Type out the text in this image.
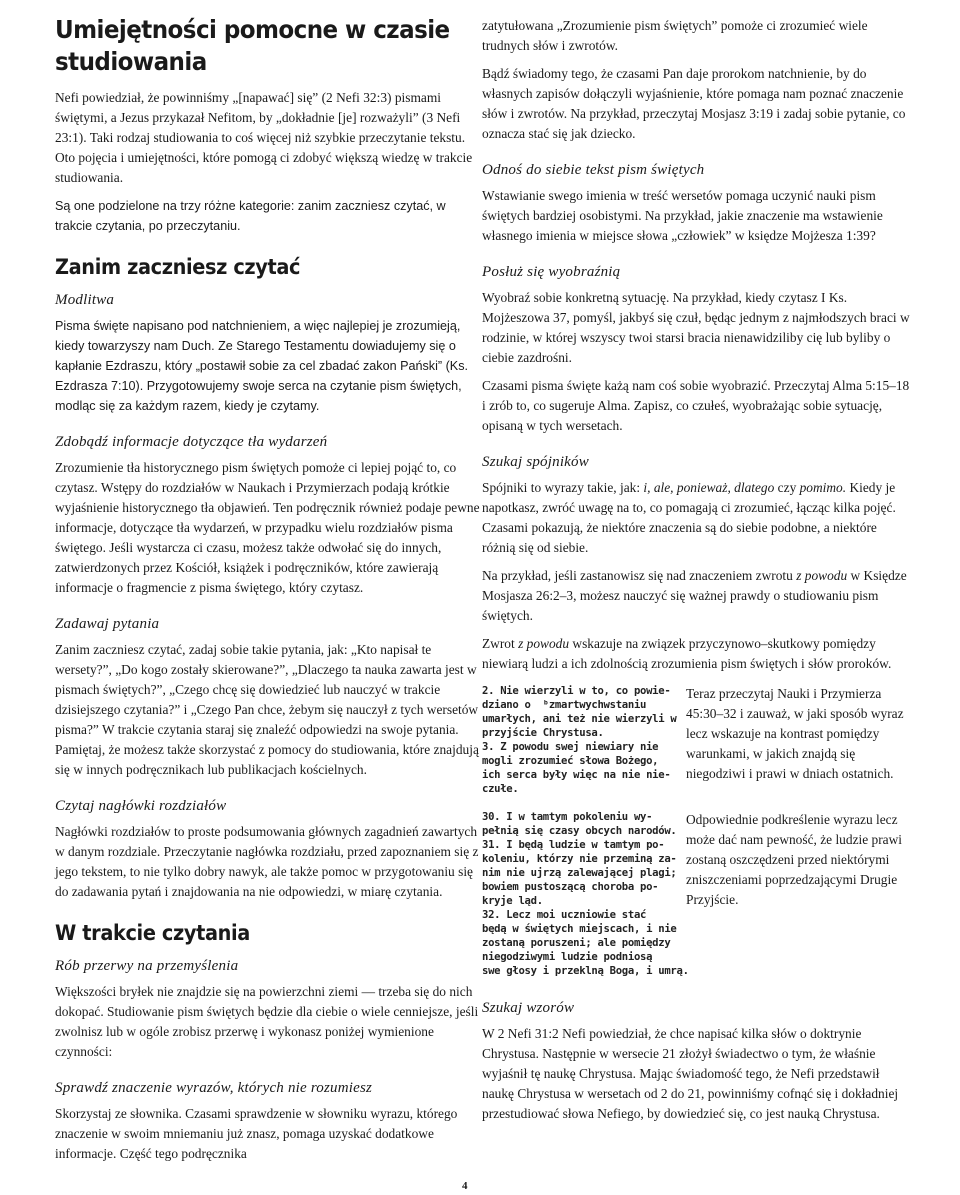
Umiejętności pomocne w czasie studiowania

Nefi powiedział, że powinniśmy „[napawać] się” (2 Nefi 32:3) pismami świętymi, a Jezus przykazał Nefitom, by „dokładnie [je] rozważyli” (3 Nefi 23:1). Taki rodzaj studiowania to coś więcej niż szybkie przeczytanie tekstu. Oto pojęcia i umiejętności, które pomogą ci zdobyć większą wiedzę w trakcie studiowania.

Są one podzielone na trzy różne kategorie: zanim zaczniesz czytać, w trakcie czytania, po przeczytaniu.

Zanim zaczniesz czytać
Modlitwa

Pisma święte napisano pod natchnieniem, a więc najlepiej je zrozumieją, kiedy towarzyszy nam Duch. Ze Starego Testamentu dowiadujemy się o kapłanie Ezdraszu, który „postawił sobie za cel zbadać zakon Pański” (Ks. Ezdrasza 7:10). Przygotowujemy swoje serca na czytanie pism świętych, modląc się za każdym razem, kiedy je czytamy.

Zdobądź informacje dotyczące tła wydarzeń

Zrozumienie tła historycznego pism świętych pomoże ci lepiej pojąć to, co czytasz. Wstępy do rozdziałów w Naukach i Przymierzach podają krótkie wyjaśnienie historycznego tła objawień. Ten podręcznik również podaje pewne informacje, dotyczące tła wydarzeń, w przypadku wielu rozdziałów pisma świętego. Jeśli wystarcza ci czasu, możesz także odwołać się do innych, zatwierdzonych przez Kościół, książek i podręczników, które zawierają informacje o fragmencie z pisma świętego, który czytasz.

Zadawaj pytania

Zanim zaczniesz czytać, zadaj sobie takie pytania, jak: „Kto napisał te wersety?”, „Do kogo zostały skierowane?”, „Dlaczego ta nauka zawarta jest w pismach świętych?”, „Czego chcę się dowiedzieć lub nauczyć w trakcie dzisiejszego czytania?” i „Czego Pan chce, żebym się nauczył z tych wersetów pisma?” W trakcie czytania staraj się znaleźć odpowiedzi na swoje pytania. Pamiętaj, że możesz także skorzystać z pomocy do studiowania, które znajdują się w innych podręcznikach lub publikacjach kościelnych.

Czytaj nagłówki rozdziałów

Nagłówki rozdziałów to proste podsumowania głównych zagadnień zawartych w danym rozdziale. Przeczytanie nagłówka rozdziału, przed zapoznaniem się z jego tekstem, to nie tylko dobry nawyk, ale także pomoc w przygotowaniu się do zadawania pytań i znajdowania na nie odpowiedzi, w miarę czytania.

W trakcie czytania
Rób przerwy na przemyślenia

Większości bryłek nie znajdzie się na powierzchni ziemi — trzeba się do nich dokopać. Studiowanie pism świętych będzie dla ciebie o wiele cenniejsze, jeśli zwolnisz lub w ogóle zrobisz przerwę i wykonasz poniżej wymienione czynności:

Sprawdź znaczenie wyrazów, których nie rozumiesz

Skorzystaj ze słownika. Czasami sprawdzenie w słowniku wyrazu, którego znaczenie w swoim mniemaniu już znasz, pomaga uzyskać dodatkowe informacje. Część tego podręcznika

zatytułowana „Zrozumienie pism świętych” pomoże ci zrozumieć wiele trudnych słów i zwrotów.

Bądź świadomy tego, że czasami Pan daje prorokom natchnienie, by do własnych zapisów dołączyli wyjaśnienie, które pomaga nam poznać znaczenie słów i zwrotów. Na przykład, przeczytaj Mosjasz 3:19 i zadaj sobie pytanie, co oznacza stać się jak dziecko.

Odnoś do siebie tekst pism świętych

Wstawianie swego imienia w treść wersetów pomaga uczynić nauki pism świętych bardziej osobistymi. Na przykład, jakie znaczenie ma wstawienie własnego imienia w miejsce słowa „człowiek” w księdze Mojżesza 1:39?

Posłuż się wyobraźnią

Wyobraź sobie konkretną sytuację. Na przykład, kiedy czytasz I Ks. Mojżeszowa 37, pomyśl, jakbyś się czuł, będąc jednym z najmłodszych braci w rodzinie, w której wszyscy twoi starsi bracia nienawidziliby cię lub byliby o ciebie zazdrośni.

Czasami pisma święte każą nam coś sobie wyobrazić. Przeczytaj Alma 5:15–18 i zrób to, co sugeruje Alma. Zapisz, co czułeś, wyobrażając sobie sytuację, opisaną w tych wersetach.

Szukaj spójników

Spójniki to wyrazy takie, jak: i, ale, ponieważ, dlatego czy pomimo. Kiedy je napotkasz, zwróć uwagę na to, co pomagają ci zrozumieć, łącząc kilka pojęć. Czasami pokazują, że niektóre znaczenia są do siebie podobne, a niektóre różnią się od siebie.

Na przykład, jeśli zastanowisz się nad znaczeniem zwrotu z powodu w Księdze Mosjasza 26:2–3, możesz nauczyć się ważnej prawdy o studiowaniu pism świętych.

Zwrot z powodu wskazuje na związek przyczynowo–skutkowy pomiędzy niewiarą ludzi a ich zdolnością zrozumienia pism świętych i słów proroków.

2. Nie wierzyli w to, co powie-
dziano o  ᵇzmartwychwstaniu
umarłych, ani też nie wierzyli w
przyjście Chrystusa.
3. Z powodu swej niewiary nie
mogli zrozumieć słowa Bożego,
ich serca były więc na nie nie-
czułe.

Teraz przeczytaj Nauki i Przymierza 45:30–32 i zauważ, w jaki sposób wyraz lecz wskazuje na kontrast pomiędzy warunkami, w jakich znajdą się niegodziwi i prawi w dniach ostatnich.

30. I w tamtym pokoleniu wy-
pełnią się czasy obcych narodów.
31. I będą ludzie w tamtym po-
koleniu, którzy nie przeminą za-
nim nie ujrzą zalewającej plagi;
bowiem pustoszącą choroba po-
kryje ląd.
32. Lecz moi uczniowie stać
będą w świętych miejscach, i nie
zostaną poruszeni; ale pomiędzy
niegodziwymi ludzie podniosą
swe głosy i przeklną Boga, i umrą.

Odpowiednie podkreślenie wyrazu lecz może dać nam pewność, że ludzie prawi zostaną oszczędzeni przed niektórymi zniszczeniami poprzedzającymi Drugie Przyjście.

Szukaj wzorów

W 2 Nefi 31:2 Nefi powiedział, że chce napisać kilka słów o doktrynie Chrystusa. Następnie w wersecie 21 złożył świadectwo o tym, że właśnie wyjaśnił tę naukę Chrystusa. Mając świadomość tego, że Nefi przedstawił naukę Chrystusa w wersetach od 2 do 21, powinniśmy cofnąć się i dokładniej przestudiować słowa Nefiego, by dowiedzieć się, co jest nauką Chrystusa.

4
